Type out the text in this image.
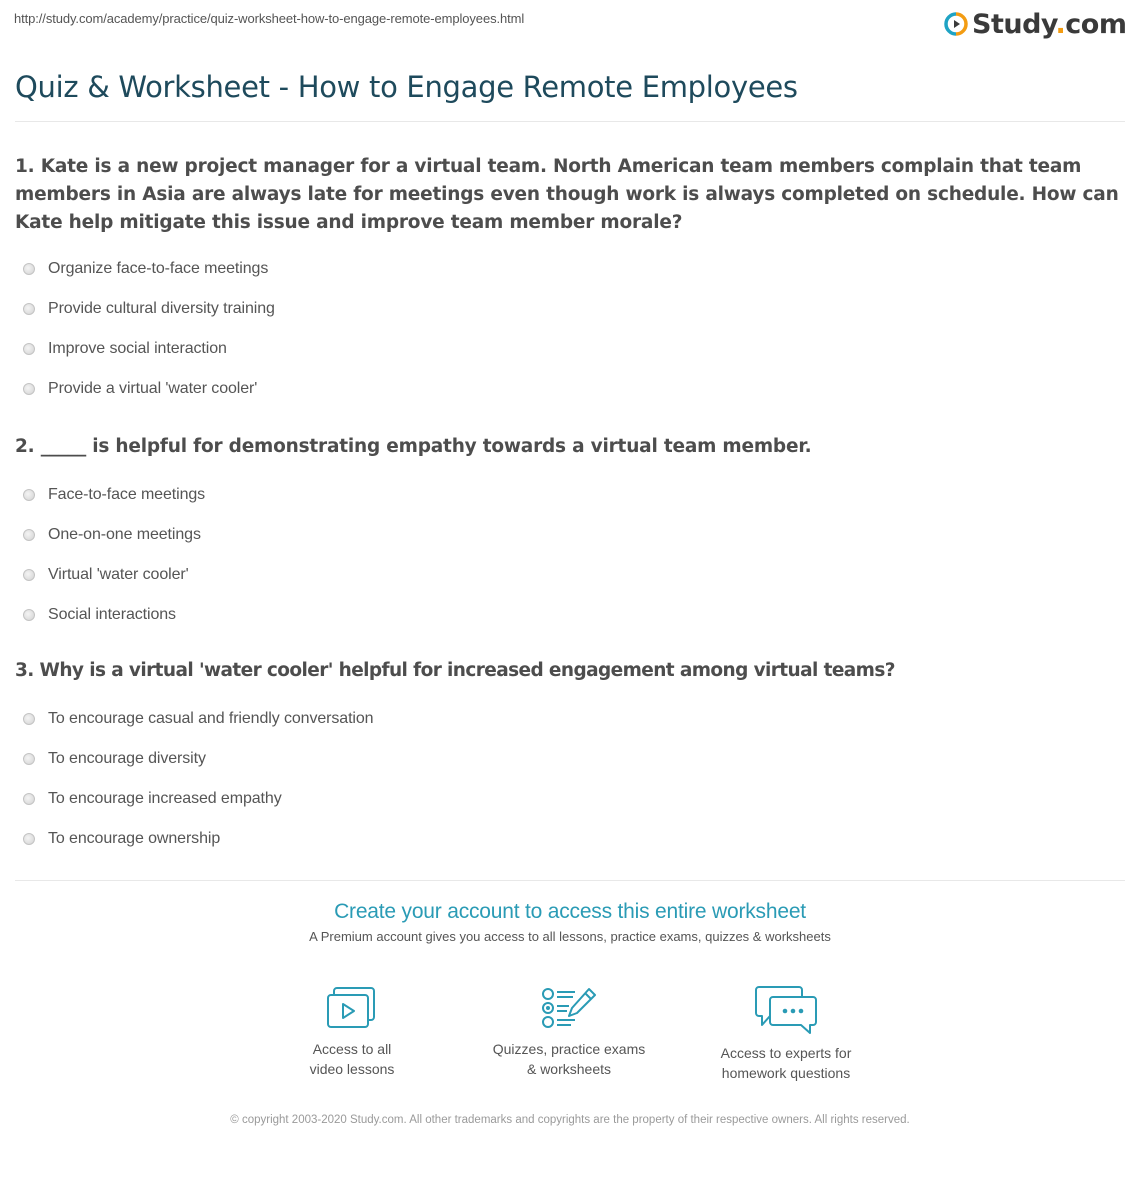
http://study.com/academy/practice/quiz-worksheet-how-to-engage-remote-employees.html	Study.com
Quiz & Worksheet - How to Engage Remote Employees
1. Kate is a new project manager for a virtual team. North American team members complain that team members in Asia are always late for meetings even though work is always completed on schedule. How can Kate help mitigate this issue and improve team member morale?
Organize face-to-face meetings
Provide cultural diversity training
Improve social interaction
Provide a virtual 'water cooler'
2. _____ is helpful for demonstrating empathy towards a virtual team member.
Face-to-face meetings
One-on-one meetings
Virtual 'water cooler'
Social interactions
3. Why is a virtual 'water cooler' helpful for increased engagement among virtual teams?
To encourage casual and friendly conversation
To encourage diversity
To encourage increased empathy
To encourage ownership
Create your account to access this entire worksheet
A Premium account gives you access to all lessons, practice exams, quizzes & worksheets
Access to all
video lessons
Quizzes, practice exams
& worksheets
Access to experts for
homework questions
© copyright 2003-2020 Study.com. All other trademarks and copyrights are the property of their respective owners. All rights reserved.
